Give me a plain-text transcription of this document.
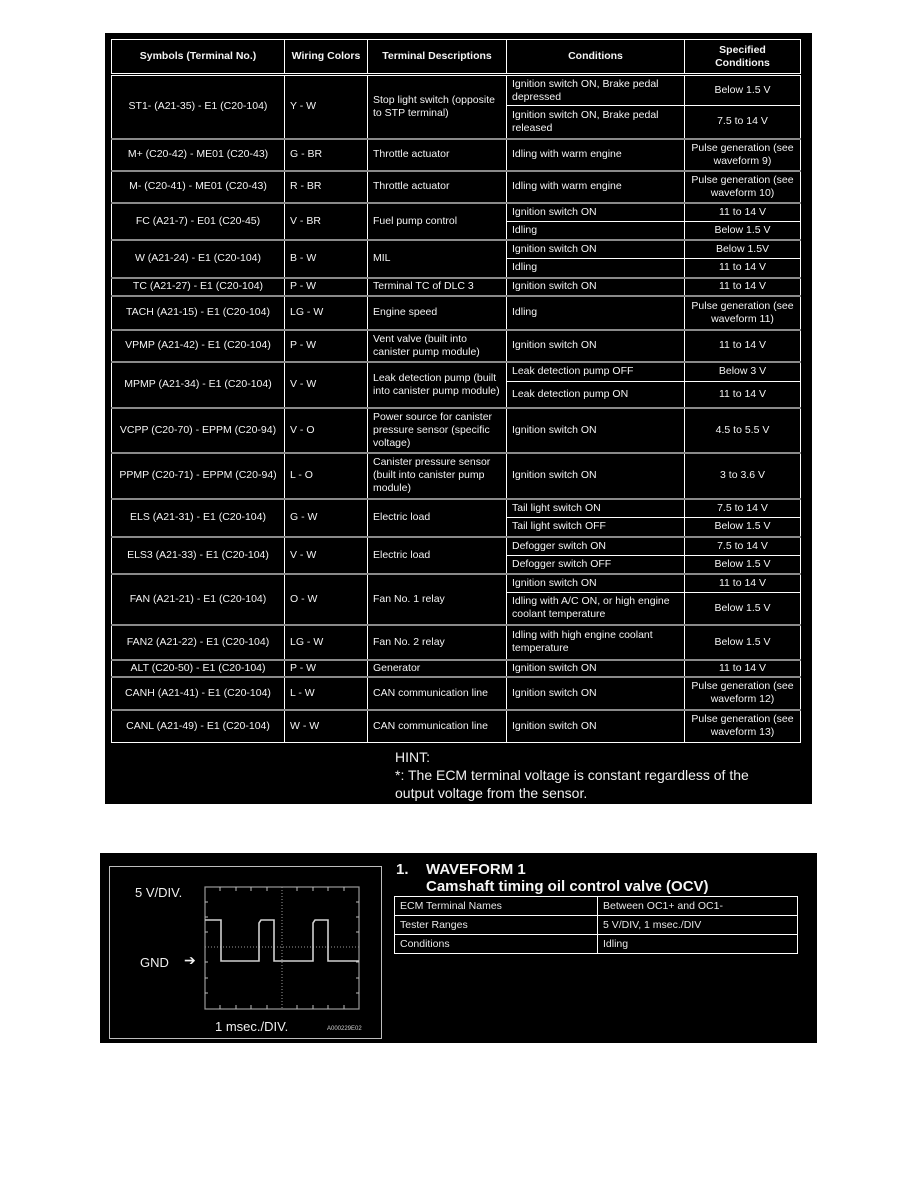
Symbols (Terminal No.)	Wiring Colors	Terminal Descriptions	Conditions	Specified Conditions
ST1- (A21-35) - E1 (C20-104)	Y - W	Stop light switch (opposite to STP terminal)	Ignition switch ON, Brake pedal depressed	Below 1.5 V
			Ignition switch ON, Brake pedal released	7.5 to 14 V
M+ (C20-42) - ME01 (C20-43)	G - BR	Throttle actuator	Idling with warm engine	Pulse generation (see waveform 9)
M- (C20-41) - ME01 (C20-43)	R - BR	Throttle actuator	Idling with warm engine	Pulse generation (see waveform 10)
FC (A21-7) - E01 (C20-45)	V - BR	Fuel pump control	Ignition switch ON	11 to 14 V
			Idling	Below 1.5 V
W (A21-24) - E1 (C20-104)	B - W	MIL	Ignition switch ON	Below 1.5V
			Idling	11 to 14 V
TC (A21-27) - E1 (C20-104)	P - W	Terminal TC of DLC 3	Ignition switch ON	11 to 14 V
TACH (A21-15) - E1 (C20-104)	LG - W	Engine speed	Idling	Pulse generation (see waveform 11)
VPMP (A21-42) - E1 (C20-104)	P - W	Vent valve (built into canister pump module)	Ignition switch ON	11 to 14 V
MPMP (A21-34) - E1 (C20-104)	V - W	Leak detection pump (built into canister pump module)	Leak detection pump OFF	Below 3 V
			Leak detection pump ON	11 to 14 V
VCPP (C20-70) - EPPM (C20-94)	V - O	Power source for canister pressure sensor (specific voltage)	Ignition switch ON	4.5 to 5.5 V
PPMP (C20-71) - EPPM (C20-94)	L - O	Canister pressure sensor (built into canister pump module)	Ignition switch ON	3 to 3.6 V
ELS (A21-31) - E1 (C20-104)	G - W	Electric load	Tail light switch ON	7.5 to 14 V
			Tail light switch OFF	Below 1.5 V
ELS3 (A21-33) - E1 (C20-104)	V - W	Electric load	Defogger switch ON	7.5 to 14 V
			Defogger switch OFF	Below 1.5 V
FAN (A21-21) - E1 (C20-104)	O - W	Fan No. 1 relay	Ignition switch ON	11 to 14 V
			Idling with A/C ON, or high engine coolant temperature	Below 1.5 V
FAN2 (A21-22) - E1 (C20-104)	LG - W	Fan No. 2 relay	Idling with high engine coolant temperature	Below 1.5 V
ALT (C20-50) - E1 (C20-104)	P - W	Generator	Ignition switch ON	11 to 14 V
CANH (A21-41) - E1 (C20-104)	L - W	CAN communication line	Ignition switch ON	Pulse generation (see waveform 12)
CANL (A21-49) - E1 (C20-104)	W - W	CAN communication line	Ignition switch ON	Pulse generation (see waveform 13)
HINT:
*: The ECM terminal voltage is constant regardless of the
output voltage from the sensor.
5 V/DIV.
GND ➔
1 msec./DIV.	A000229E02
1. WAVEFORM 1
Camshaft timing oil control valve (OCV)
ECM Terminal Names	Between OC1+ and OC1-
Tester Ranges	5 V/DIV, 1 msec./DIV
Conditions	Idling
